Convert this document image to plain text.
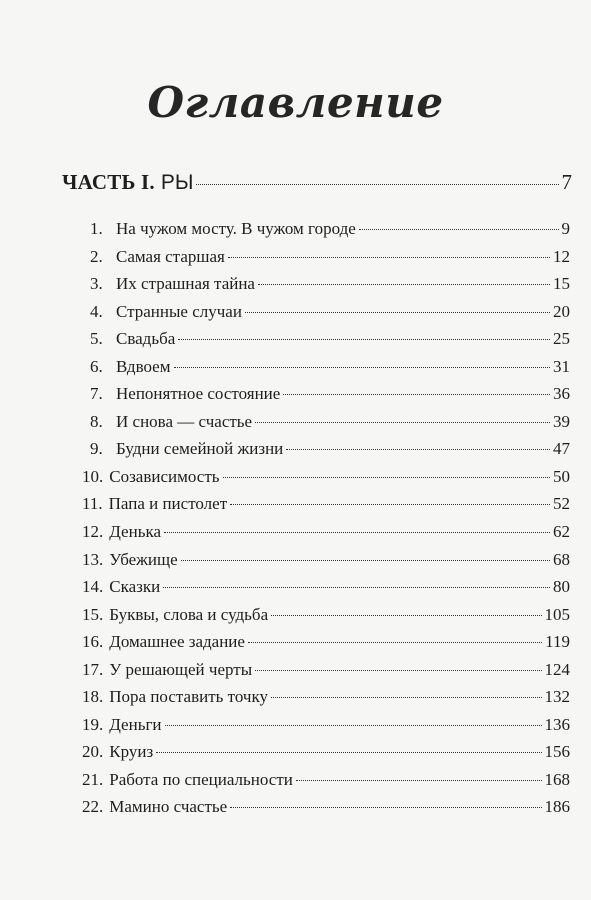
Оглавление
ЧАСТЬ I. РЫ	7
1. На чужом мосту. В чужом городе	9
2. Самая старшая	12
3. Их страшная тайна	15
4. Странные случаи	20
5. Свадьба	25
6. Вдвоем	31
7. Непонятное состояние	36
8. И снова — счастье	39
9. Будни семейной жизни	47
10. Созависимость	50
11. Папа и пистолет	52
12. Денька	62
13. Убежище	68
14. Сказки	80
15. Буквы, слова и судьба	105
16. Домашнее задание	119
17. У решающей черты	124
18. Пора поставить точку	132
19. Деньги	136
20. Круиз	156
21. Работа по специальности	168
22. Мамино счастье	186
